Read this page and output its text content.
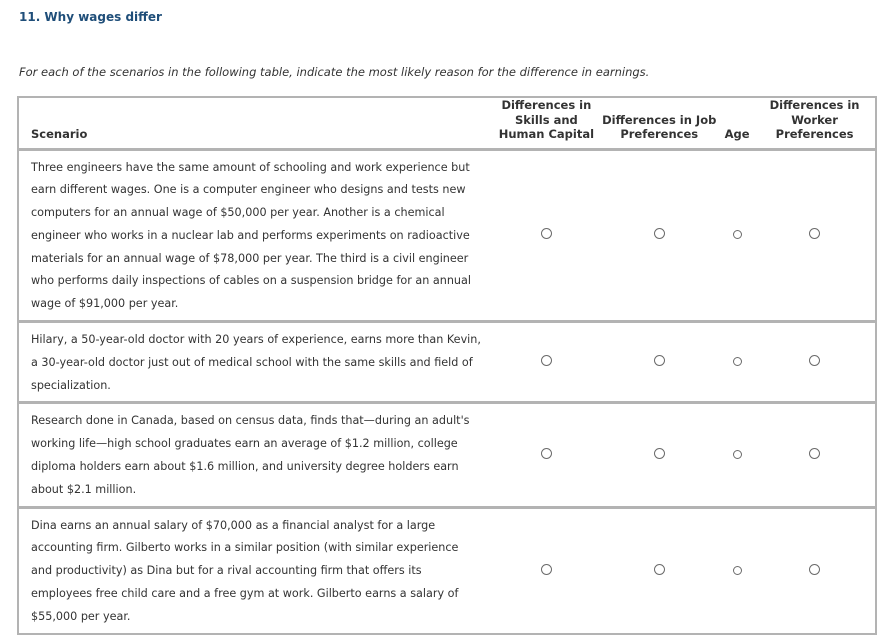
11. Why wages differ
For each of the scenarios in the following table, indicate the most likely reason for the difference in earnings.
Scenario	Differences in Skills and Human Capital	Differences in Job Preferences	Age	Differences in Worker Preferences
Three engineers have the same amount of schooling and work experience but earn different wages. One is a computer engineer who designs and tests new computers for an annual wage of $50,000 per year. Another is a chemical engineer who works in a nuclear lab and performs experiments on radioactive materials for an annual wage of $78,000 per year. The third is a civil engineer who performs daily inspections of cables on a suspension bridge for an annual wage of $91,000 per year.				
Hilary, a 50-year-old doctor with 20 years of experience, earns more than Kevin, a 30-year-old doctor just out of medical school with the same skills and field of specialization.				
Research done in Canada, based on census data, finds that—during an adult's working life—high school graduates earn an average of $1.2 million, college diploma holders earn about $1.6 million, and university degree holders earn about $2.1 million.				
Dina earns an annual salary of $70,000 as a financial analyst for a large accounting firm. Gilberto works in a similar position (with similar experience and productivity) as Dina but for a rival accounting firm that offers its employees free child care and a free gym at work. Gilberto earns a salary of $55,000 per year.				
